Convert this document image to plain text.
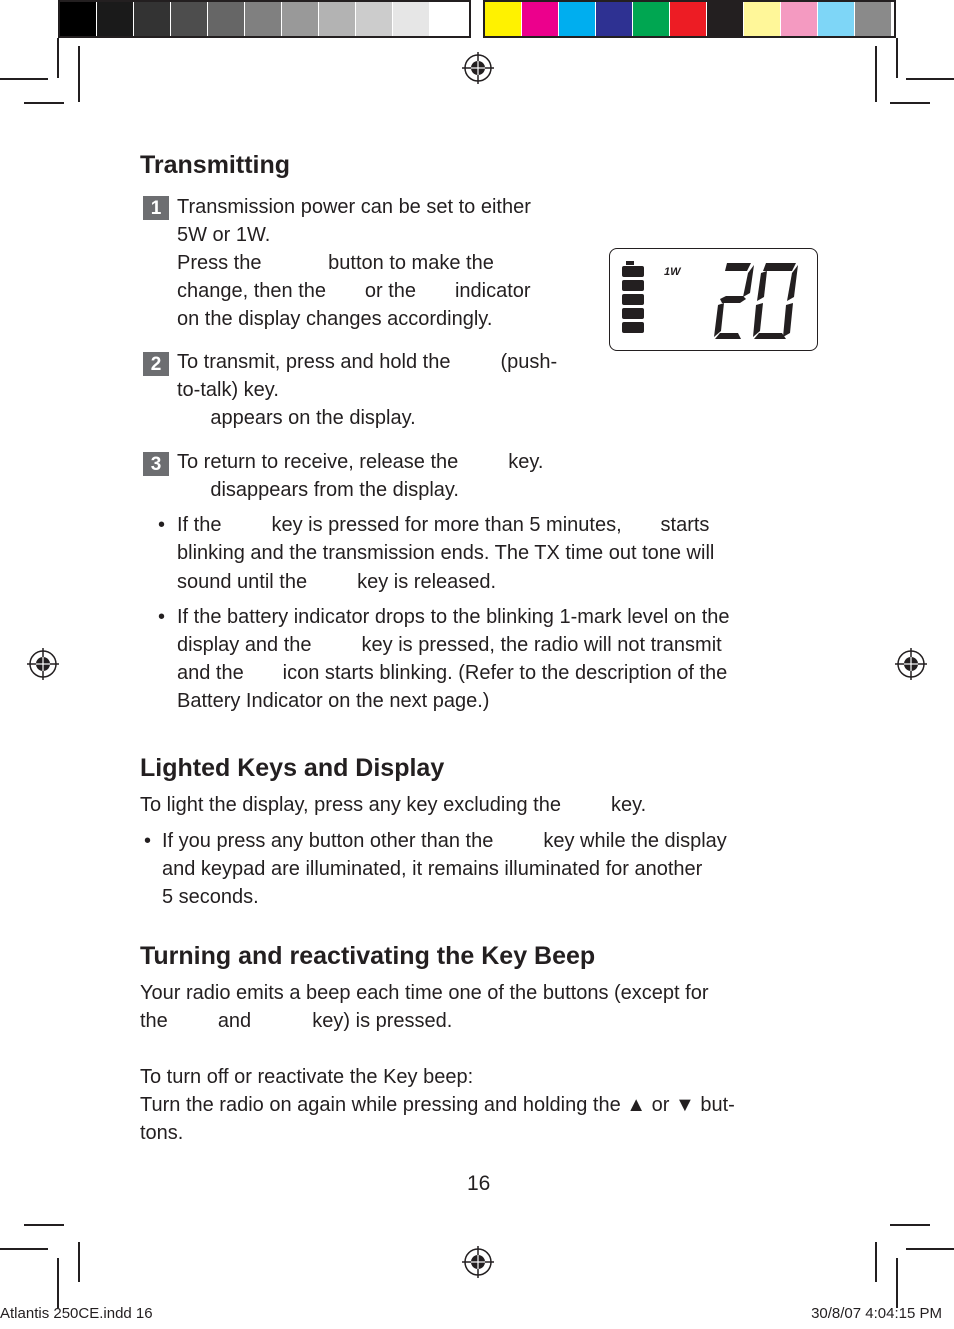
Transmitting
1 Transmission power can be set to either
5W or 1W.
Press the            button to make the
change, then the       or the       indicator
on the display changes accordingly.
1W
2 To transmit, press and hold the         (push-
to-talk) key.
appears on the display.
3 To return to receive, release the         key.
disappears from the display.
• If the         key is pressed for more than 5 minutes,       starts
blinking and the transmission ends. The TX time out tone will
sound until the         key is released.
• If the battery indicator drops to the blinking 1-mark level on the
display and the         key is pressed, the radio will not transmit
and the       icon starts blinking. (Refer to the description of the
Battery Indicator on the next page.)
Lighted Keys and Display
To light the display, press any key excluding the         key.
• If you press any button other than the         key while the display
and keypad are illuminated, it remains illuminated for another
5 seconds.
Turning and reactivating the Key Beep
Your radio emits a beep each time one of the buttons (except for
the         and           key) is pressed.
To turn off or reactivate the Key beep:
Turn the radio on again while pressing and holding the ▲ or ▼ but-
tons.
16
Atlantis 250CE.indd 16	30/8/07 4:04:15 PM
